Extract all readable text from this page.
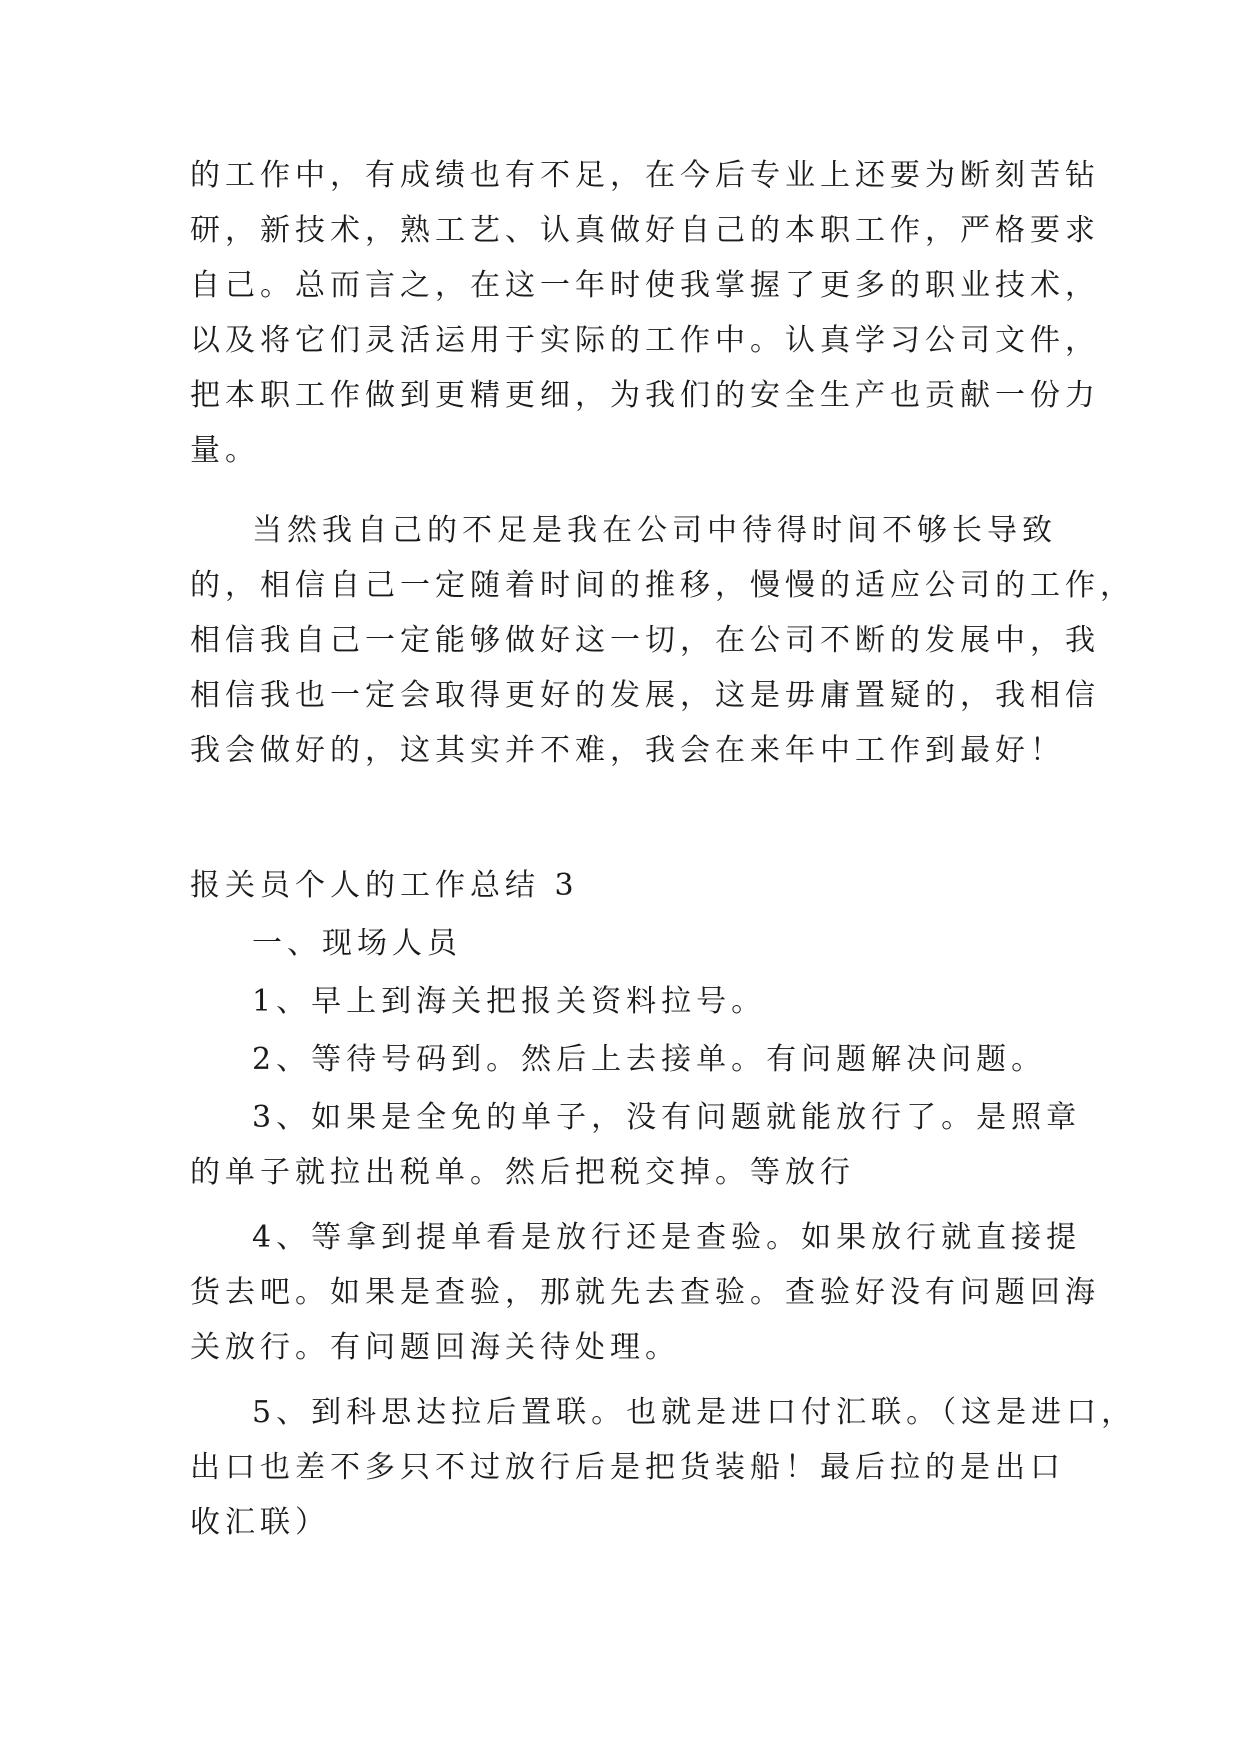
的工作中，有成绩也有不足，在今后专业上还要为断刻苦钻
研，新技术，熟工艺、认真做好自己的本职工作，严格要求
自己。总而言之，在这一年时使我掌握了更多的职业技术，
以及将它们灵活运用于实际的工作中。认真学习公司文件，
把本职工作做到更精更细，为我们的安全生产也贡献一份力
量。
当然我自己的不足是我在公司中待得时间不够长导致
的，相信自己一定随着时间的推移，慢慢的适应公司的工作，
相信我自己一定能够做好这一切，在公司不断的发展中，我
相信我也一定会取得更好的发展，这是毋庸置疑的，我相信
我会做好的，这其实并不难，我会在来年中工作到最好！
报关员个人的工作总结 3
一、现场人员
1、早上到海关把报关资料拉号。
2、等待号码到。然后上去接单。有问题解决问题。
3、如果是全免的单子，没有问题就能放行了。是照章
的单子就拉出税单。然后把税交掉。等放行
4、等拿到提单看是放行还是查验。如果放行就直接提
货去吧。如果是查验，那就先去查验。查验好没有问题回海
关放行。有问题回海关待处理。
5、到科思达拉后置联。也就是进口付汇联。（这是进口，
出口也差不多只不过放行后是把货装船！最后拉的是出口
收汇联）
